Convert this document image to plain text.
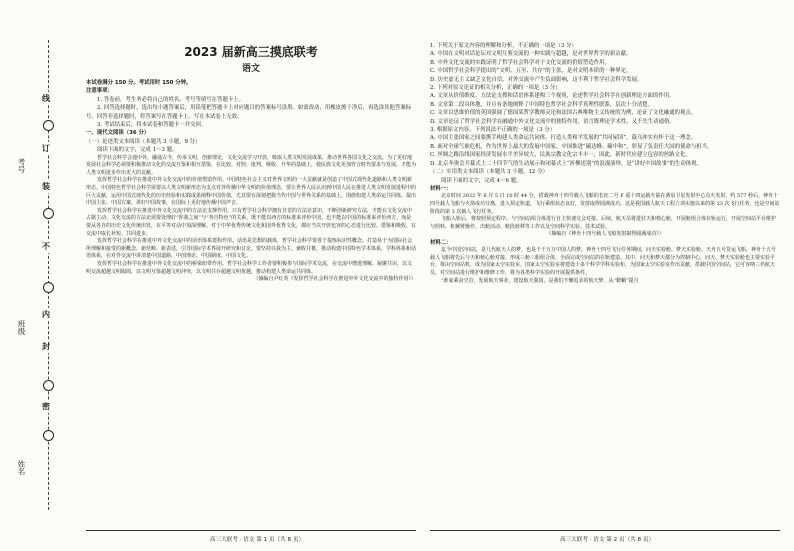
线
订
装
不
内
封
密
考号
班级
姓名
2023 届新高三摸底联考
语文

本试卷满分 150 分。考试用时 150 分钟。

注意事项：

1. 答卷前，考生务必将自己的姓名、考号等填写在答题卡上。

2. 回答选择题时，选出每小题答案后，用铅笔把答题卡上对应题目的答案标号涂黑。如需改动，用橡皮擦干净后，再选涂其他答案标号。回答非选择题时，将答案写在答题卡上。写在本试卷上无效。

3. 考试结束后，将本试卷和答题卡一并交回。

一、现代文阅读（36 分）

（一）论述类文本阅读（本题共 3 小题，9 分）

阅读下面的文字，完成 1～3 题。

哲学社会科学会通中外，融通古今，传承文明，创新理论，文化交流学习开放，吸取人类文明发展成果，推动世界各国文化之交流。为了更好地发展社会科学必须要积极推动文化的交流互鉴和相互借鉴，在比较、对照、批判、吸收、升华的基础上，使民族文化更加符合时代要求与发展，才能为人类文明进步作出更大的贡献。

发挥哲学社会科学在推进中外文化交流中的价值塑造作用。中国特色社会主义对世界文明的一大贡献就是创造了中国式现代化道路和人类文明新形态。中国特色哲学社会科学需要以人类文明新形态为支点对外传播中华文明的价值理念，要让世界人民认识到中国人民在推进人类文明发展进程中的巨大贡献，运用中国式现代化的历史经验和实践成果阐释中国价值，尤其要在深刻把握当代中国与世界关系的基础上，围绕构建人类命运共同体，提出中国主张、中国方案，讲好中国故事，在国际上更好地传播中国声音。

发挥哲学社会科学在推进中外文化交流中的方法论支撑作用。只有哲学社会科学拥有自觉的方法论意识，不断创新研究方法，才能在文化交流中占据主动。文化交流的方法论需要处理好“你我之间”与“各自特色”的关系，既不能以西方的标准来评价中国，也不能以中国的标准来评价西方，而是要从各自的历史文化传统出发，在平等对话中加深理解。对于中华优秀传统文化和国外优秀文化，都应当以开放包容的心态进行比较、借鉴和吸收，在交流中取长补短、共同进步。

发挥哲学社会科学在推进中外文化交流中的话语体系建构作用。话语是思想的载体，哲学社会科学要善于提炼标识性概念，打造易于为国际社会所理解和接受的新概念、新范畴、新表述，引导国际学术界展开研究和讨论。要坚持以我为主、兼收并蓄，推动构建中国特色学术体系、学科体系和话语体系，在对外交流中讲清楚中国道路、中国理论、中国制度、中国文化。

发挥哲学社会科学在推进中外文化交流中的桥梁纽带作用。哲学社会科学工作者要积极参与国际学术交流，在交流中增进理解、凝聚共识，以文明交流超越文明隔阂，以文明互鉴超越文明冲突，以文明共存超越文明优越，推动构建人类命运共同体。

（摘编自尹红英《发挥哲学社会科学在推进中外文化交流中的独特作用》）

1. 下列关于原文内容的理解和分析，不正确的一项是（3 分）

A. 中国在文明对话论坛对文明互鉴交流的一种实践与超越，是对世界哲学的新贡献。

B. 中外文化交流的实践证明了哲学社会科学对于文化交流的价值塑造作用。

C. 中国哲学社会科学提出的“文明、五至、共存”的主张，是对文明本质的一种界定。

D. 历史虚无主义缺乏文化自信，对外交流中产生负面影响，这不利于哲学社会科学发展。

2. 下列对原文论证的相关分析，正确的一项是（3 分）

A. 文章从价值维度、方法论支撑和话语体系建构三个视角，论述哲学社会科学在创新理论方面的作用。

B. 文章第二段具体地，并且有条地阐释了中国特色哲学社会科学真理性联系，层次十分清楚。

C. 文章以思维价值的英国强调了德国某哲学教师灵论和法国古典唯物主义传统的为例，论证了文化融通的观点。

D. 文章论证了哲学社会科学在融通中外文化交流中的独特作用，语言既理论学术性，又不失生动通俗。

3. 根据原文内容，下列说法不正确的一项是（3 分）

A. 中国主张国家之间要携手构建人类命运共同体，打造人类和平发展的“共同屋国”，载乌冲实有怀于这一理念。

B. 面对全球气候危机，作为世界上最大的发展中国家，中国推进“碳达峰、碳中和”，彰显了负责任大国的使命与担当。

C. 丝绸之路沿线国家经济发展水平差异较大，民族宗教文化宗丰丰一，因此，新时代应建立包容的丝路文化。

D. 北京冬奥会开幕式上二十四节气的生动展示和闭幕式上“折柳送别”的浪漫演绎，是“讲好中国故事”的生动体现。

（二）实用类文本阅读（本题共 3 小题，12 分）

阅读下面的文字，完成 4～6 题。

材料一：

北京时间 2022 年 6 月 5 日 10 时 44 分，搭载神舟十四号载人飞船的长征二号 F 遥十四运载火箭在酒泉卫星发射中心点火发射，约 577 秒后，神舟十四号载人飞船与火箭成功分离，进入预定轨道，飞行乘组状态良好，发射取得圆满成功。这是我国载人航天工程立项实施以来的第 23 次飞行任务，也是空间站阶段的第 3 次载人飞行任务。

飞船入轨后，将按照预定程序，与空间站组合体进行自主快速交会对接。后续，航天员将进驻天和核心舱，开展舱组合体在轨运行，开展空间站平台维护与照料、机械臂操作、出舱活动、舱段转移等工作以及空间科学实验、技术试验。

（摘编自《神舟十四号载人飞船发射取得圆满成功》）

材料二：

迄今中国空间站，是几代航天人的梦，也是千千万万中国人的梦。神舟十四号飞行任务期间，问天实验舱、梦天实验舱、天舟五号货运飞船、神舟十五号载人飞船将先后与天和核心舱对接，形成三舱三船组合体，全面完成空间站的在轨建造。其中，问天和梦天都分为控制中心，问天、梦天实验舱也主要实验平台，将由空间站机，成为国家太空实验室，国家太空实验室将建设十多个科学学科实验柜，为国家太空实验室作出贡献，搭载中国空间站，它可容纳三名航天员，对空间站进行维护和维修工作，将为各类科学实验的开展提供条件。

“谁家乘奋空首，发展航天事业，建设航天强国，是我们不懈追求的航天梦。从“蟒蛾”提月

高三大联考 · 语文 第 1 页（共 8 页）	高三大联考 · 语文 第 2 页（共 8 页）
